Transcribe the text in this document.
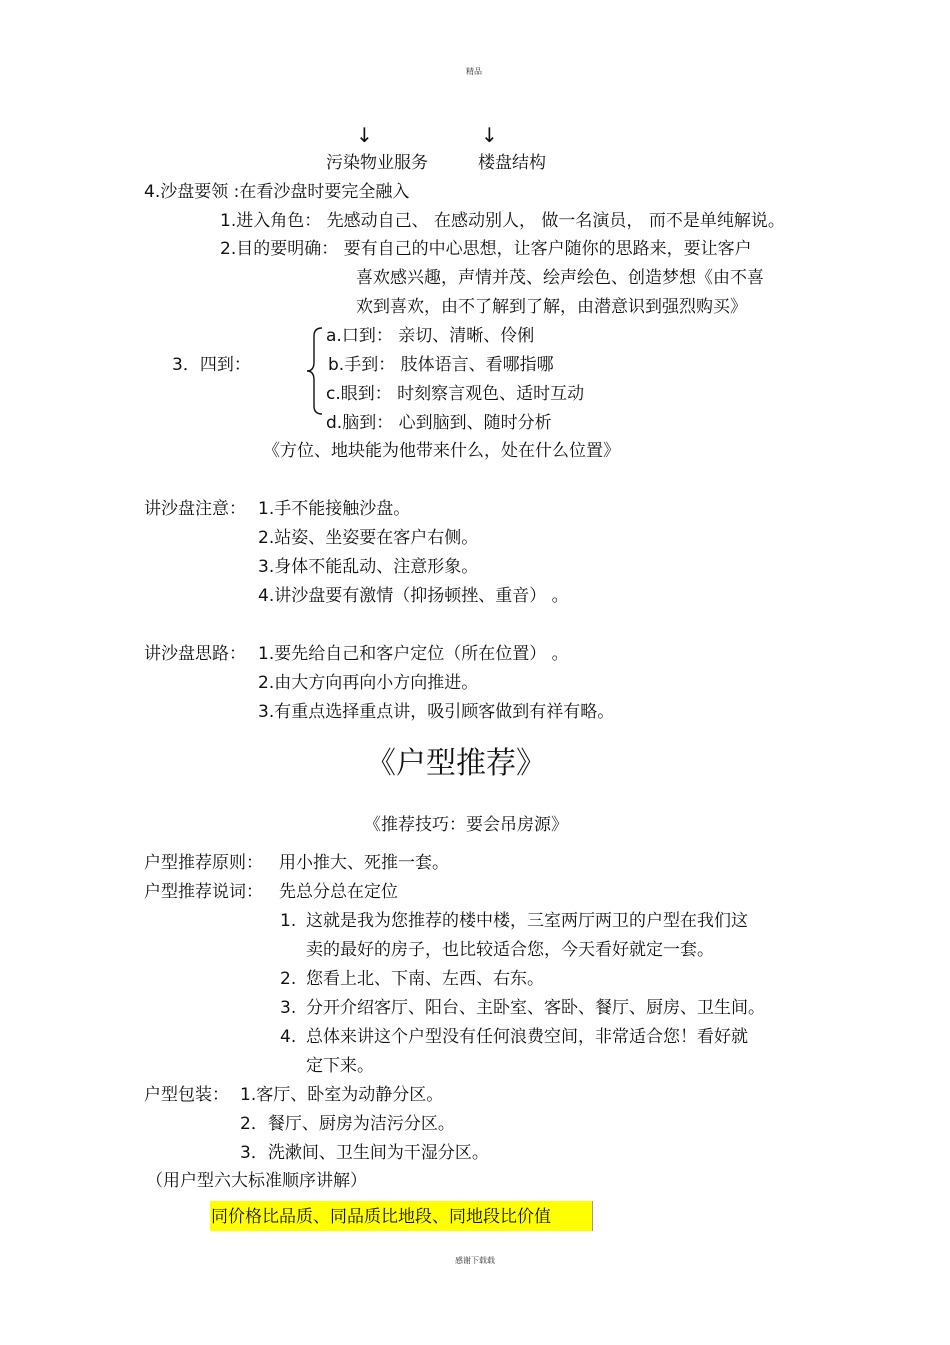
精品
↓	↓
污染物业服务	楼盘结构
4.沙盘要领 :在看沙盘时要完全融入
1.进入角色： 先感动自己、 在感动别人， 做一名演员， 而不是单纯解说。
2.目的要明确： 要有自己的中心思想，让客户随你的思路来，要让客户
喜欢感兴趣，声情并茂、绘声绘色、创造梦想《由不喜
欢到喜欢，由不了解到了解，由潜意识到强烈购买》
3．四到：
a.口到： 亲切、清晰、伶俐
b.手到： 肢体语言、看哪指哪
c.眼到： 时刻察言观色、适时互动
d.脑到： 心到脑到、随时分析
《方位、地块能为他带来什么，处在什么位置》
讲沙盘注意： 1.手不能接触沙盘。
2.站姿、坐姿要在客户右侧。
3.身体不能乱动、注意形象。
4.讲沙盘要有激情（抑扬顿挫、重音） 。
讲沙盘思路： 1.要先给自己和客户定位（所在位置） 。
2.由大方向再向小方向推进。
3.有重点选择重点讲，吸引顾客做到有祥有略。
《户型推荐》
《推荐技巧：要会吊房源》
户型推荐原则： 用小推大、死推一套。
户型推荐说词： 先总分总在定位
1. 这就是我为您推荐的楼中楼，三室两厅两卫的户型在我们这
卖的最好的房子，也比较适合您，今天看好就定一套。
2. 您看上北、下南、左西、右东。
3. 分开介绍客厅、阳台、主卧室、客卧、餐厅、厨房、卫生间。
4. 总体来讲这个户型没有任何浪费空间，非常适合您！看好就
定下来。
户型包装： 1.客厅、卧室为动静分区。
2．餐厅、厨房为洁污分区。
3．洗漱间、卫生间为干湿分区。
（用户型六大标准顺序讲解）
同价格比品质、同品质比地段、同地段比价值
感谢下载载
